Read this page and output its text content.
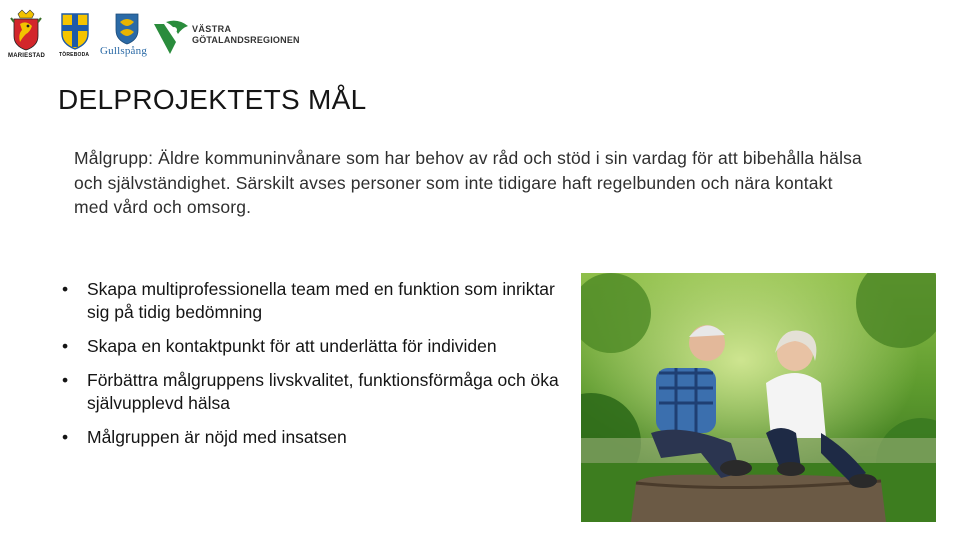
MARIESTAD	TÖREBODA Gullspång
VÄSTRA
GÖTALANDSREGIONEN
DELPROJEKTETS MÅL
Målgrupp: Äldre kommuninvånare som har behov av råd och stöd i sin vardag för att bibehålla hälsa och självständighet. Särskilt avses personer som inte tidigare haft regelbunden och nära kontakt med vård och omsorg.
• Skapa multiprofessionella team med en funktion som inriktar sig på tidig bedömning
• Skapa en kontaktpunkt för att underlätta för individen
• Förbättra målgruppens livskvalitet, funktionsförmåga och öka självupplevd hälsa
• Målgruppen är nöjd med insatsen
